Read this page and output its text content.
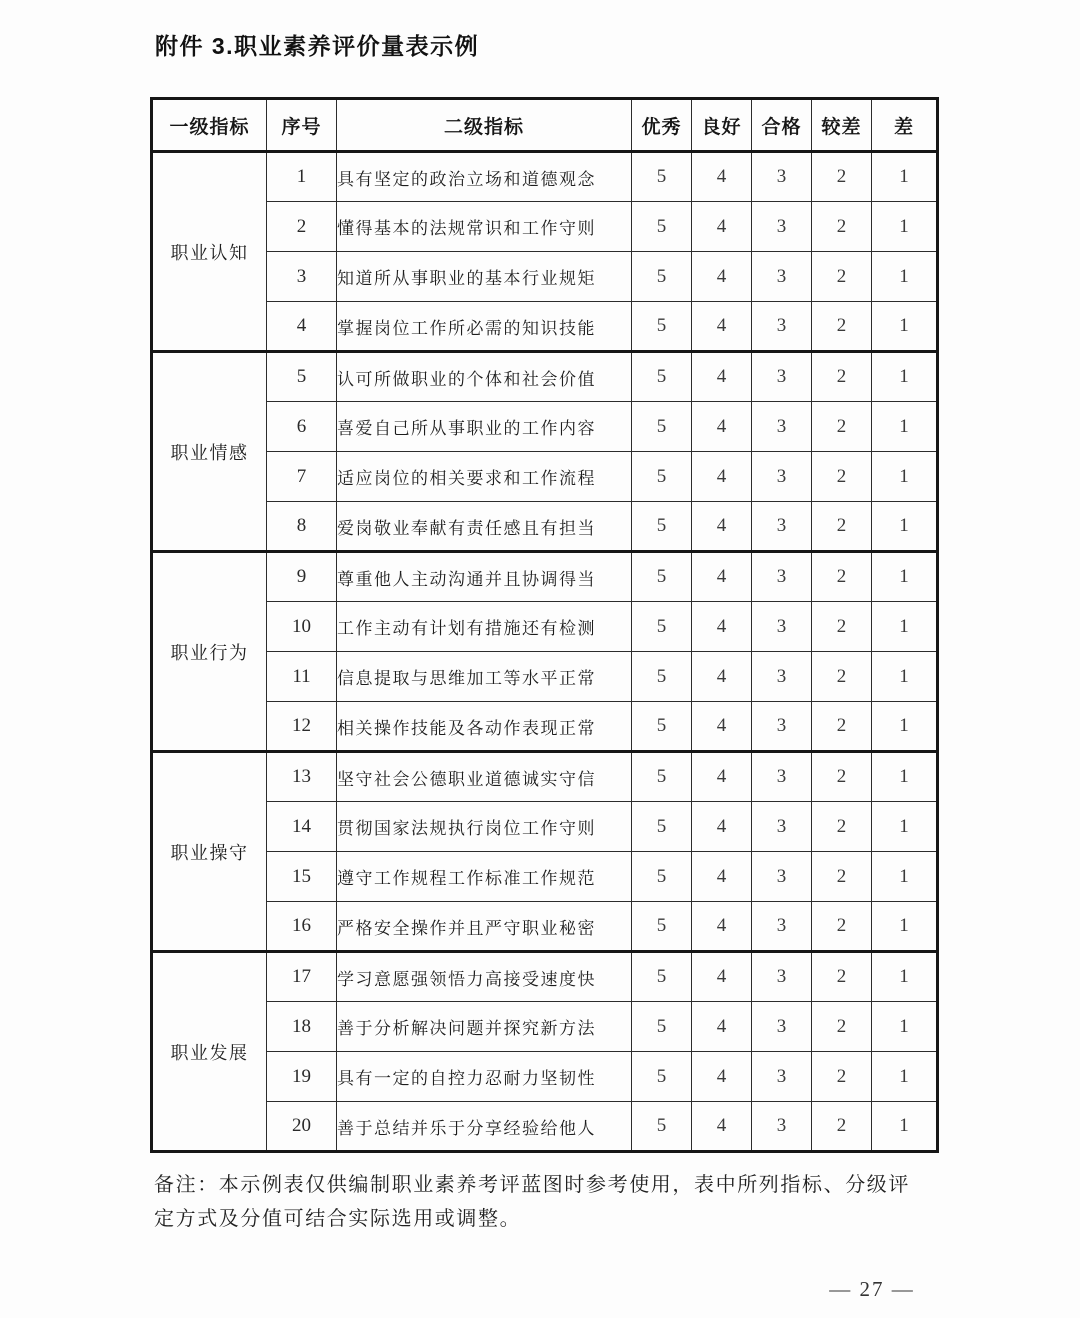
附件 3.职业素养评价量表示例
一级指标	序号	二级指标	优秀	良好	合格	较差	差
职业认知	1	具有坚定的政治立场和道德观念	5	4	3	2	1
	2	懂得基本的法规常识和工作守则	5	4	3	2	1
	3	知道所从事职业的基本行业规矩	5	4	3	2	1
	4	掌握岗位工作所必需的知识技能	5	4	3	2	1
职业情感	5	认可所做职业的个体和社会价值	5	4	3	2	1
	6	喜爱自己所从事职业的工作内容	5	4	3	2	1
	7	适应岗位的相关要求和工作流程	5	4	3	2	1
	8	爱岗敬业奉献有责任感且有担当	5	4	3	2	1
职业行为	9	尊重他人主动沟通并且协调得当	5	4	3	2	1
	10	工作主动有计划有措施还有检测	5	4	3	2	1
	11	信息提取与思维加工等水平正常	5	4	3	2	1
	12	相关操作技能及各动作表现正常	5	4	3	2	1
职业操守	13	坚守社会公德职业道德诚实守信	5	4	3	2	1
	14	贯彻国家法规执行岗位工作守则	5	4	3	2	1
	15	遵守工作规程工作标准工作规范	5	4	3	2	1
	16	严格安全操作并且严守职业秘密	5	4	3	2	1
职业发展	17	学习意愿强领悟力高接受速度快	5	4	3	2	1
	18	善于分析解决问题并探究新方法	5	4	3	2	1
	19	具有一定的自控力忍耐力坚韧性	5	4	3	2	1
	20	善于总结并乐于分享经验给他人	5	4	3	2	1
备注：本示例表仅供编制职业素养考评蓝图时参考使用，表中所列指标、分级评
定方式及分值可结合实际选用或调整。
— 27 —
